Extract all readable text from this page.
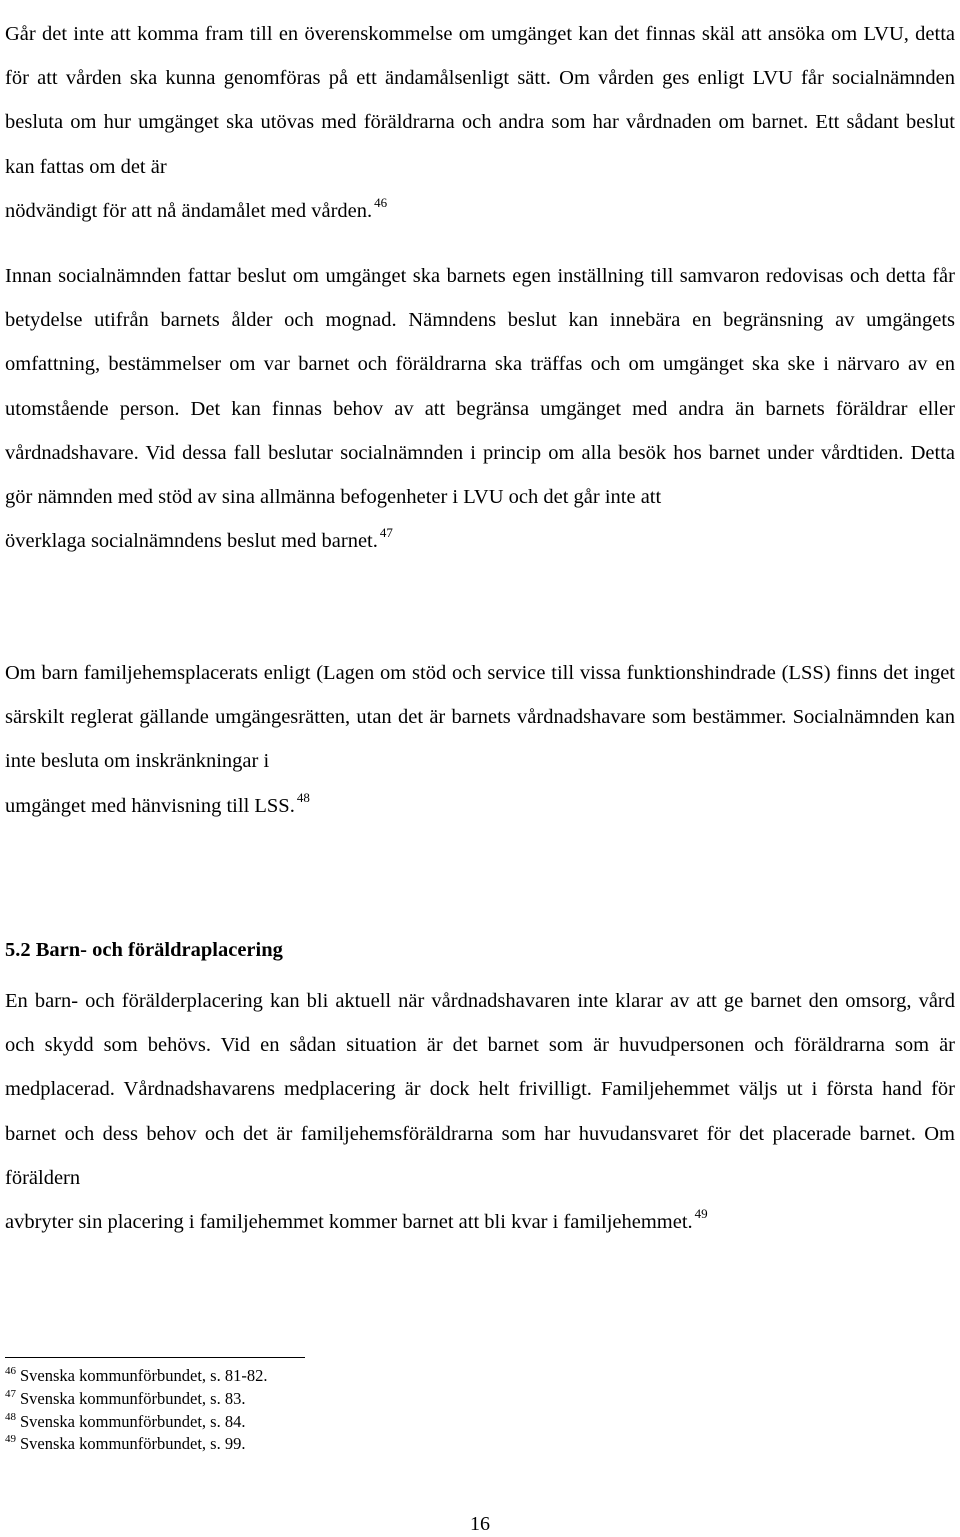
Går det inte att komma fram till en överenskommelse om umgänget kan det finnas skäl att ansöka om LVU, detta för att vården ska kunna genomföras på ett ändamålsenligt sätt. Om vården ges enligt LVU får socialnämnden besluta om hur umgänget ska utövas med föräldrarna och andra som har vårdnaden om barnet. Ett sådant beslut kan fattas om det är
nödvändigt för att nå ändamålet med vården. $^{46}$

Innan socialnämnden fattar beslut om umgänget ska barnets egen inställning till samvaron redovisas och detta får betydelse utifrån barnets ålder och mognad. Nämndens beslut kan innebära en begränsning av umgängets omfattning, bestämmelser om var barnet och föräldrarna ska träffas och om umgänget ska ske i närvaro av en utomstående person. Det kan finnas behov av att begränsa umgänget med andra än barnets föräldrar eller vårdnadshavare. Vid dessa fall beslutar socialnämnden i princip om alla besök hos barnet under vårdtiden. Detta gör nämnden med stöd av sina allmänna befogenheter i LVU och det går inte att
överklaga socialnämndens beslut med barnet. $^{47}$

Om barn familjehemsplacerats enligt (Lagen om stöd och service till vissa funktionshindrade (LSS) finns det inget särskilt reglerat gällande umgängesrätten, utan det är barnets vårdnadshavare som bestämmer. Socialnämnden kan inte besluta om inskränkningar i
umgänget med hänvisning till LSS. $^{48}$

5.2 Barn- och föräldraplacering

En barn- och förälderplacering kan bli aktuell när vårdnadshavaren inte klarar av att ge barnet den omsorg, vård och skydd som behövs. Vid en sådan situation är det barnet som är huvudpersonen och föräldrarna som är medplacerad. Vårdnadshavarens medplacering är dock helt frivilligt. Familjehemmet väljs ut i första hand för barnet och dess behov och det är familjehemsföräldrarna som har huvudansvaret för det placerade barnet. Om föräldern
avbryter sin placering i familjehemmet kommer barnet att bli kvar i familjehemmet. $^{49}$

$^{46}$ Svenska kommunförbundet, s. 81-82.
$^{47}$ Svenska kommunförbundet, s. 83.
$^{48}$ Svenska kommunförbundet, s. 84.
$^{49}$ Svenska kommunförbundet, s. 99.
16
